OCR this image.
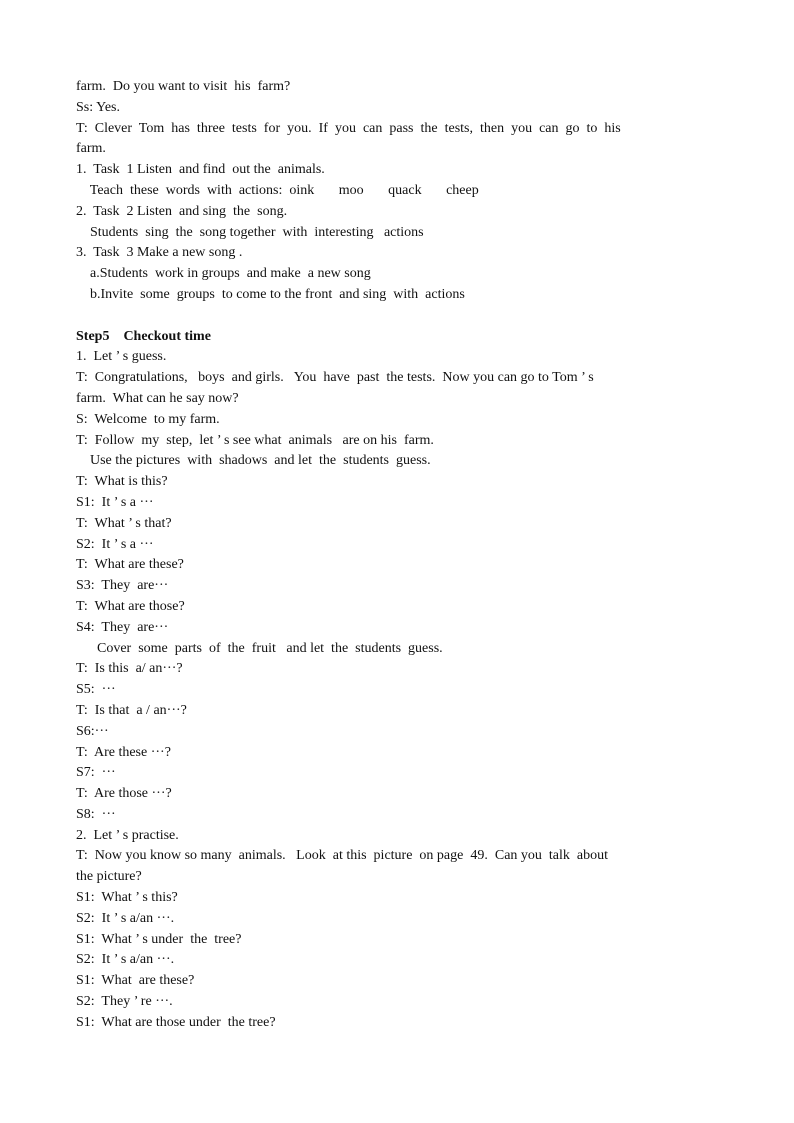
farm.  Do you want to visit  his  farm?
Ss: Yes.
T:  Clever  Tom  has  three  tests  for  you.  If  you  can  pass  the  tests,  then  you  can  go  to  his
farm.
1.  Task  1 Listen  and find  out the  animals.
Teach  these  words  with  actions:  oink       moo       quack       cheep
2.  Task  2 Listen  and sing  the  song.
Students  sing  the  song together  with  interesting   actions
3.  Task  3 Make a new song .
a.Students  work in groups  and make  a new song
b.Invite  some  groups  to come to the front  and sing  with  actions
Step5    Checkout time
1.  Let ’ s guess.
T:  Congratulations,   boys  and girls.   You  have  past  the tests.  Now you can go to Tom ’ s
farm.  What can he say now?
S:  Welcome  to my farm.
T:  Follow  my  step,  let ’ s see what  animals   are on his  farm.
Use the pictures  with  shadows  and let  the  students  guess.
T:  What is this?
S1:  It ’ s a ···
T:  What ’ s that?
S2:  It ’ s a ···
T:  What are these?
S3:  They  are···
T:  What are those?
S4:  They  are···
Cover  some  parts  of  the  fruit   and let  the  students  guess.
T:  Is this  a/ an···?
S5:  ···
T:  Is that  a / an···?
S6:···
T:  Are these ···?
S7:  ···
T:  Are those ···?
S8:  ···
2.  Let ’ s practise.
T:  Now you know so many  animals.   Look  at this  picture  on page  49.  Can you  talk  about
the picture?
S1:  What ’ s this?
S2:  It ’ s a/an ···.
S1:  What ’ s under  the  tree?
S2:  It ’ s a/an ···.
S1:  What  are these?
S2:  They ’ re ···.
S1:  What are those under  the tree?
